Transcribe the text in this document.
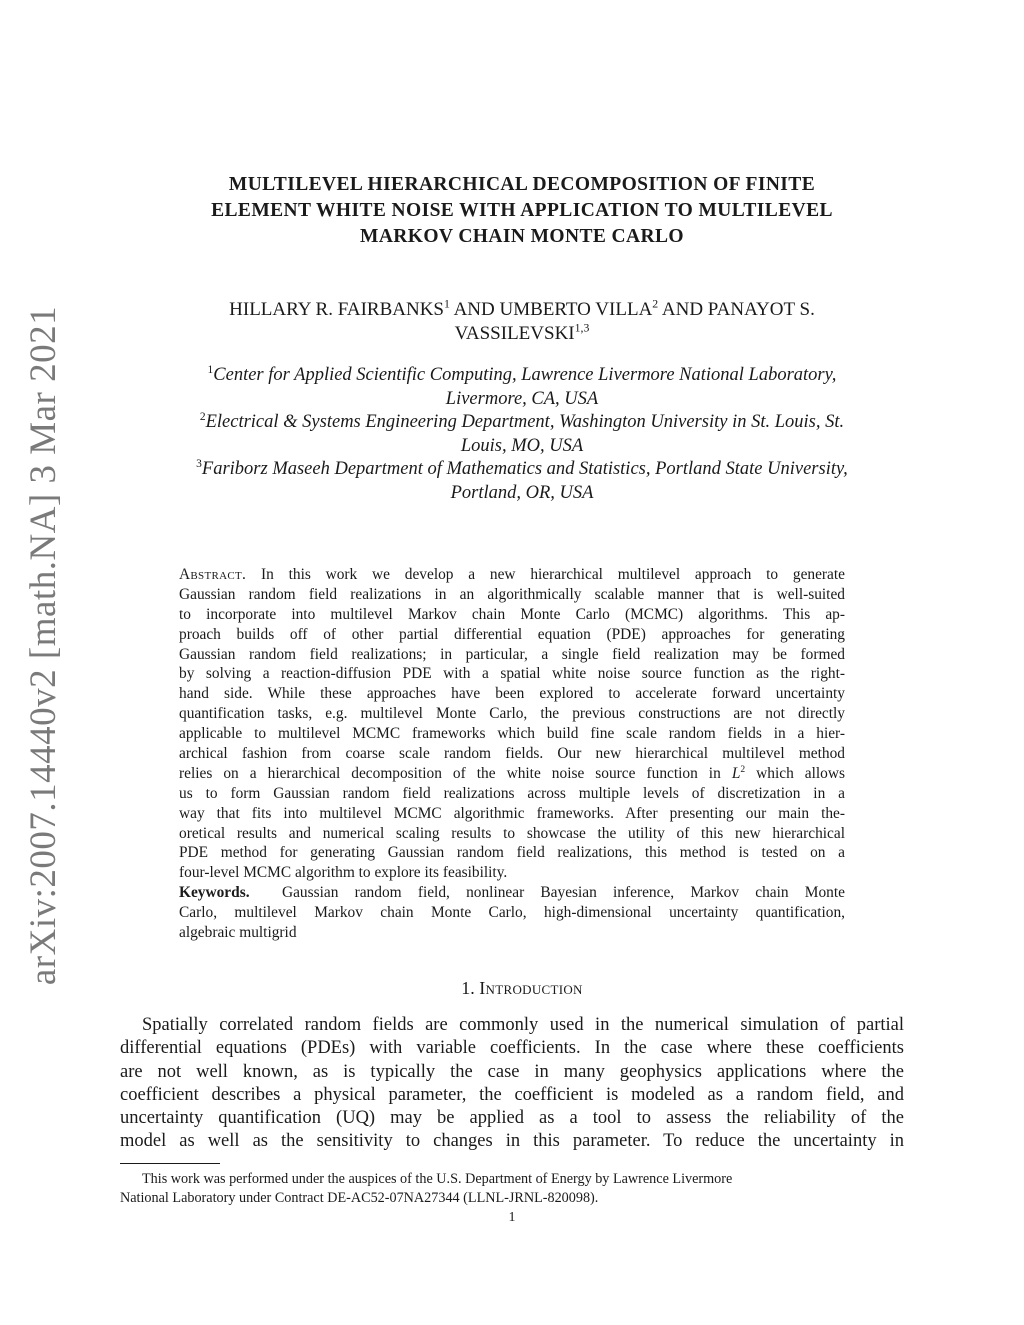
arXiv:2007.14440v2 [math.NA] 3 Mar 2021
MULTILEVEL HIERARCHICAL DECOMPOSITION OF FINITE
ELEMENT WHITE NOISE WITH APPLICATION TO MULTILEVEL
MARKOV CHAIN MONTE CARLO
HILLARY R. FAIRBANKS$^1$ AND UMBERTO VILLA$^2$ AND PANAYOT S.
VASSILEVSKI$^{1,3}$
$^1$Center for Applied Scientific Computing, Lawrence Livermore National Laboratory,
Livermore, CA, USA
$^2$Electrical & Systems Engineering Department, Washington University in St. Louis, St.
Louis, MO, USA
$^3$Fariborz Maseeh Department of Mathematics and Statistics, Portland State University,
Portland, OR, USA
Abstract. In this work we develop a new hierarchical multilevel approach to generate
Gaussian random field realizations in an algorithmically scalable manner that is well-suited
to incorporate into multilevel Markov chain Monte Carlo (MCMC) algorithms. This ap-
proach builds off of other partial differential equation (PDE) approaches for generating
Gaussian random field realizations; in particular, a single field realization may be formed
by solving a reaction-diffusion PDE with a spatial white noise source function as the right-
hand side. While these approaches have been explored to accelerate forward uncertainty
quantification tasks, e.g. multilevel Monte Carlo, the previous constructions are not directly
applicable to multilevel MCMC frameworks which build fine scale random fields in a hier-
archical fashion from coarse scale random fields. Our new hierarchical multilevel method
relies on a hierarchical decomposition of the white noise source function in $L^2$ which allows
us to form Gaussian random field realizations across multiple levels of discretization in a
way that fits into multilevel MCMC algorithmic frameworks. After presenting our main the-
oretical results and numerical scaling results to showcase the utility of this new hierarchical
PDE method for generating Gaussian random field realizations, this method is tested on a
four-level MCMC algorithm to explore its feasibility.
Keywords. Gaussian random field, nonlinear Bayesian inference, Markov chain Monte
Carlo, multilevel Markov chain Monte Carlo, high-dimensional uncertainty quantification,
algebraic multigrid
1. Introduction
Spatially correlated random fields are commonly used in the numerical simulation of partial
differential equations (PDEs) with variable coefficients. In the case where these coefficients
are not well known, as is typically the case in many geophysics applications where the
coefficient describes a physical parameter, the coefficient is modeled as a random field, and
uncertainty quantification (UQ) may be applied as a tool to assess the reliability of the
model as well as the sensitivity to changes in this parameter. To reduce the uncertainty in
This work was performed under the auspices of the U.S. Department of Energy by Lawrence Livermore
National Laboratory under Contract DE-AC52-07NA27344 (LLNL-JRNL-820098).
1
